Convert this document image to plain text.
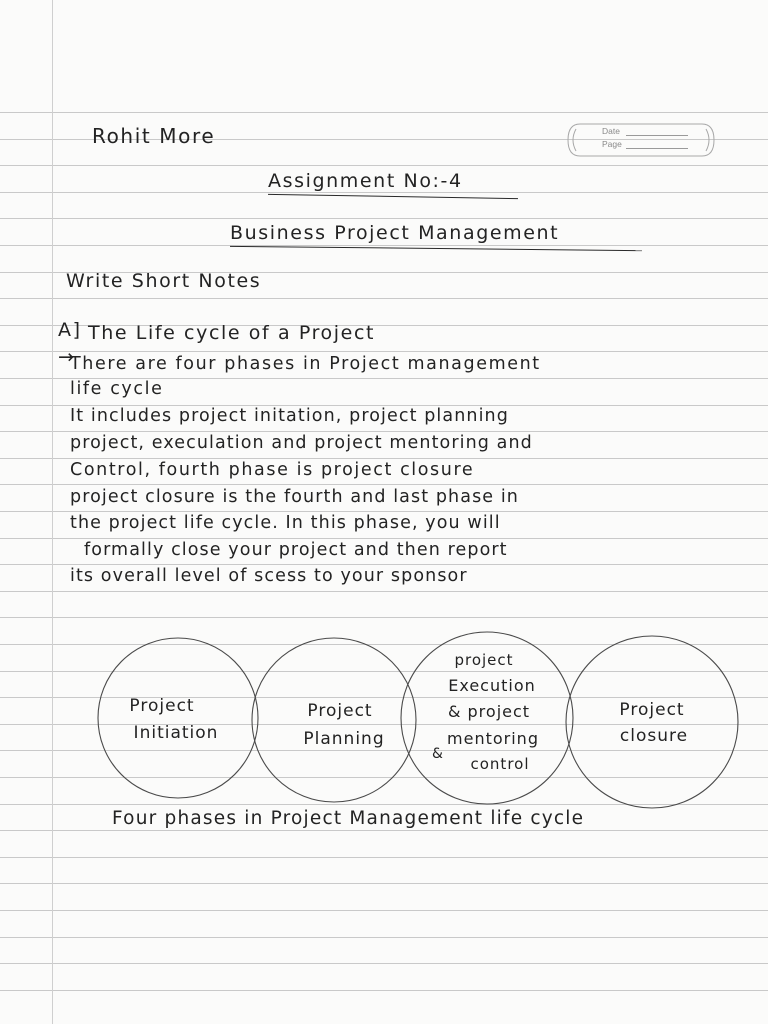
Date
Page
Rohit More
Assignment No:-4
Business Project Management
Write Short Notes
A] The Life cycle of a Project
→
There are four phases in Project management
life cycle
It includes project initation, project planning
project, execulation and project mentoring and
Control, fourth phase is project closure
project closure is the fourth and last phase in
the project life cycle. In this phase, you will
formally close your project and then report
its overall level of scess to your sponsor
Project
Initiation
Project
Planning
project
Execution
& project
mentoring
&
control
Project
closure
Four phases in Project Management life cycle
